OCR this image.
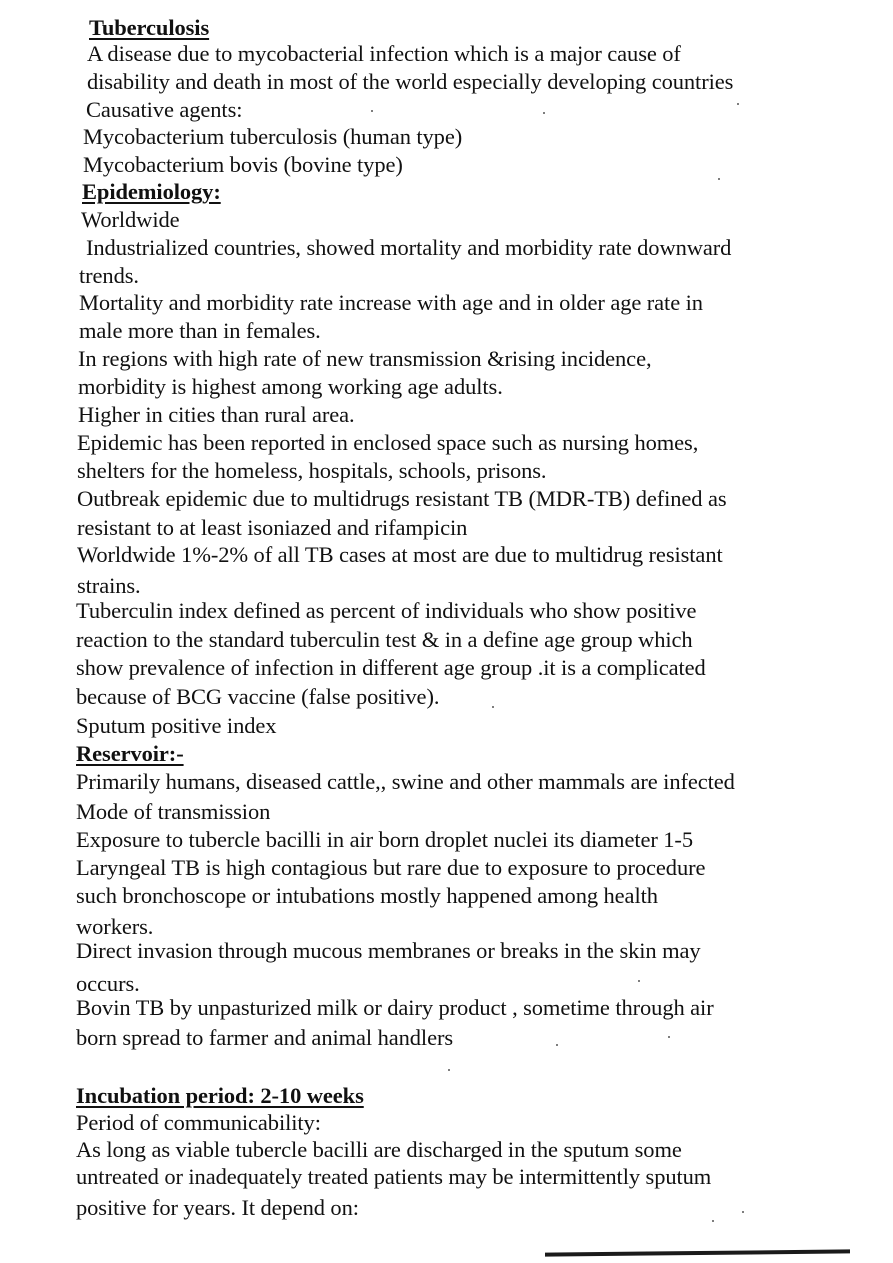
Tuberculosis
A disease due to mycobacterial infection which is a major cause of
disability and death in most of the world especially developing countries
Causative agents:
Mycobacterium tuberculosis (human type)
Mycobacterium bovis (bovine type)
Epidemiology:
Worldwide
Industrialized countries, showed mortality and morbidity rate downward
trends.
Mortality and morbidity rate increase with age and in older age rate in
male more than in females.
In regions with high rate of new transmission &rising incidence,
morbidity is highest among working age adults.
Higher in cities than rural area.
Epidemic has been reported in enclosed space such as nursing homes,
shelters for the homeless, hospitals, schools, prisons.
Outbreak epidemic due to multidrugs resistant TB (MDR-TB) defined as
resistant to at least isoniazed and rifampicin
Worldwide 1%-2% of all TB cases at most are due to multidrug resistant
strains.
Tuberculin index defined as percent of individuals who show positive
reaction to the standard tuberculin test & in a define age group which
show prevalence of infection in different age group .it is a complicated
because of BCG vaccine (false positive).
Sputum positive index
Reservoir:-
Primarily humans, diseased cattle,, swine and other mammals are infected
Mode of transmission
Exposure to tubercle bacilli in air born droplet nuclei its diameter 1-5
Laryngeal TB is high contagious but rare due to exposure to procedure
such bronchoscope or intubations mostly happened among health
workers.
Direct invasion through mucous membranes or breaks in the skin may
occurs.
Bovin TB by unpasturized milk or dairy product , sometime through air
born spread to farmer and animal handlers
Incubation period: 2-10 weeks
Period of communicability:
As long as viable tubercle bacilli are discharged in the sputum some
untreated or inadequately treated patients may be intermittently sputum
positive for years. It depend on:
